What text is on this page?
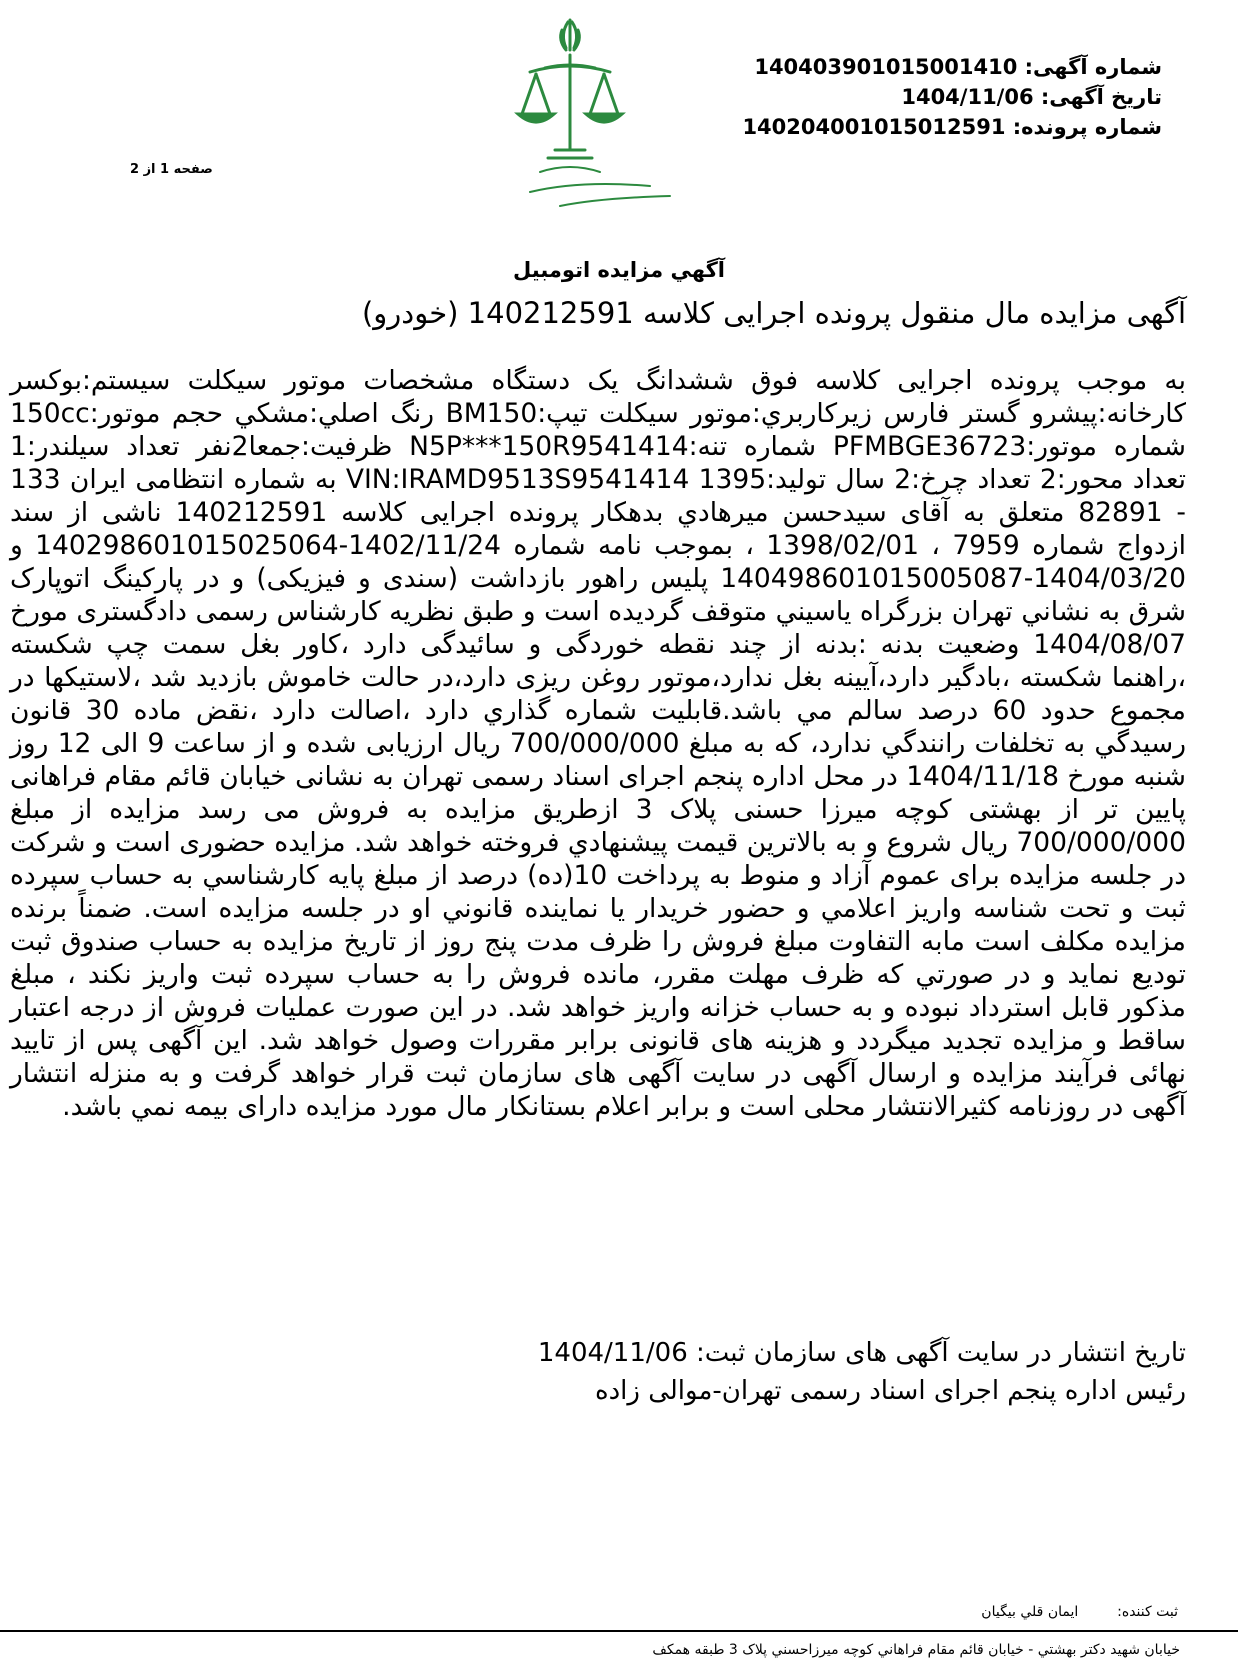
شماره آگهی: 140403901015001410
تاریخ آگهی: 1404/11/06
شماره پرونده: 140204001015012591
صفحه 1 از 2
آگهي مزايده اتومبيل
آگهی مزایده مال منقول پرونده اجرایی کلاسه 140212591 (خودرو)
به موجب پرونده اجرایی کلاسه فوق ششدانگ یک دستگاه مشخصات موتور سیکلت سیستم:بوکسر کارخانه:پيشرو گستر فارس زيركاربري:موتور سيكلت تيپ:BM150 رنگ اصلي:مشكي حجم موتور:150cc شماره موتور:PFMBGE36723 شماره تنه:N5P***150R9541414 ظرفيت:جمعا2نفر تعداد سيلندر:1 تعداد محور:2 تعداد چرخ:2 سال توليد:1395 VIN:IRAMD9513S9541414 به شماره انتظامی ایران 133 - 82891 متعلق به آقای سيدحسن ميرهادي بدهكار پرونده اجرایی کلاسه 140212591 ناشی از سند ازدواج شماره 7959 ، 1398/02/01 ، بموجب نامه شماره 1402/11/24-140298601015025064 و 1404/03/20-140498601015005087 پليس راهور بازداشت (سندی و فیزیکی) و در پاركينگ اتوپارک شرق به نشاني تهران بزرگراه ياسيني متوقف گرديده است و طبق نظريه كارشناس رسمی دادگستری مورخ 1404/08/07 وضعيت بدنه :بدنه از چند نقطه خوردگی و سائيدگی دارد ،كاور بغل سمت چپ شكسته ،راهنما شكسته ،بادگير دارد،آيينه بغل ندارد،موتور روغن ريزی دارد،در حالت خاموش بازديد شد ،لاستيكها در مجموع حدود 60 درصد سالم مي باشد.قابليت شماره گذاري دارد ،اصالت دارد ،نقض ماده 30 قانون رسيدگي به تخلفات رانندگي ندارد، که به مبلغ 700/000/000 ريال ارزیابی شده و از ساعت 9 الی 12 روز شنبه مورخ 1404/11/18 در محل اداره پنجم اجرای اسناد رسمی تهران به نشانی خیابان قائم مقام فراهانی پایین تر از بهشتی کوچه میرزا حسنی پلاک 3 ازطريق مزايده به فروش می رسد مزايده از مبلغ 700/000/000 ريال شروع و به بالاترين قيمت پيشنهادي فروخته خواهد شد. مزايده حضوری است و شرکت در جلسه مزايده برای عموم آزاد و منوط به پرداخت 10(ده) درصد از مبلغ پايه كارشناسي به حساب سپرده ثبت و تحت شناسه واريز اعلامي و حضور خريدار يا نماينده قانوني او در جلسه مزايده است. ضمناً برنده مزايده مكلف است مابه التفاوت مبلغ فروش را ظرف مدت پنج روز از تاريخ مزايده به حساب صندوق ثبت توديع نمايد و در صورتي كه ظرف مهلت مقرر، مانده فروش را به حساب سپرده ثبت واريز نكند ، مبلغ مذكور قابل استرداد نبوده و به حساب خزانه واريز خواهد شد. در اين صورت عمليات فروش از درجه اعتبار ساقط و مزايده تجديد ميگردد و هزینه های قانونی برابر مقررات وصول خواهد شد. این آگهی پس از تایید نهائی فرآیند مزایده و ارسال آگهی در سایت آگهی های سازمان ثبت قرار خواهد گرفت و به منزله انتشار آگهی در روزنامه کثیرالانتشار محلی است و برابر اعلام بستانکار مال مورد مزايده دارای بيمه نمي باشد.
تاریخ انتشار در سایت آگهی های سازمان ثبت: 1404/11/06
رئیس اداره پنجم اجرای اسناد رسمی تهران-موالی زاده
ثبت کننده:  ایمان قلي بيگيان
خيابان شهيد دكتر بهشتي - خيابان قائم مقام فراهاني كوچه ميرزاحسني پلاک 3 طبقه همكف
